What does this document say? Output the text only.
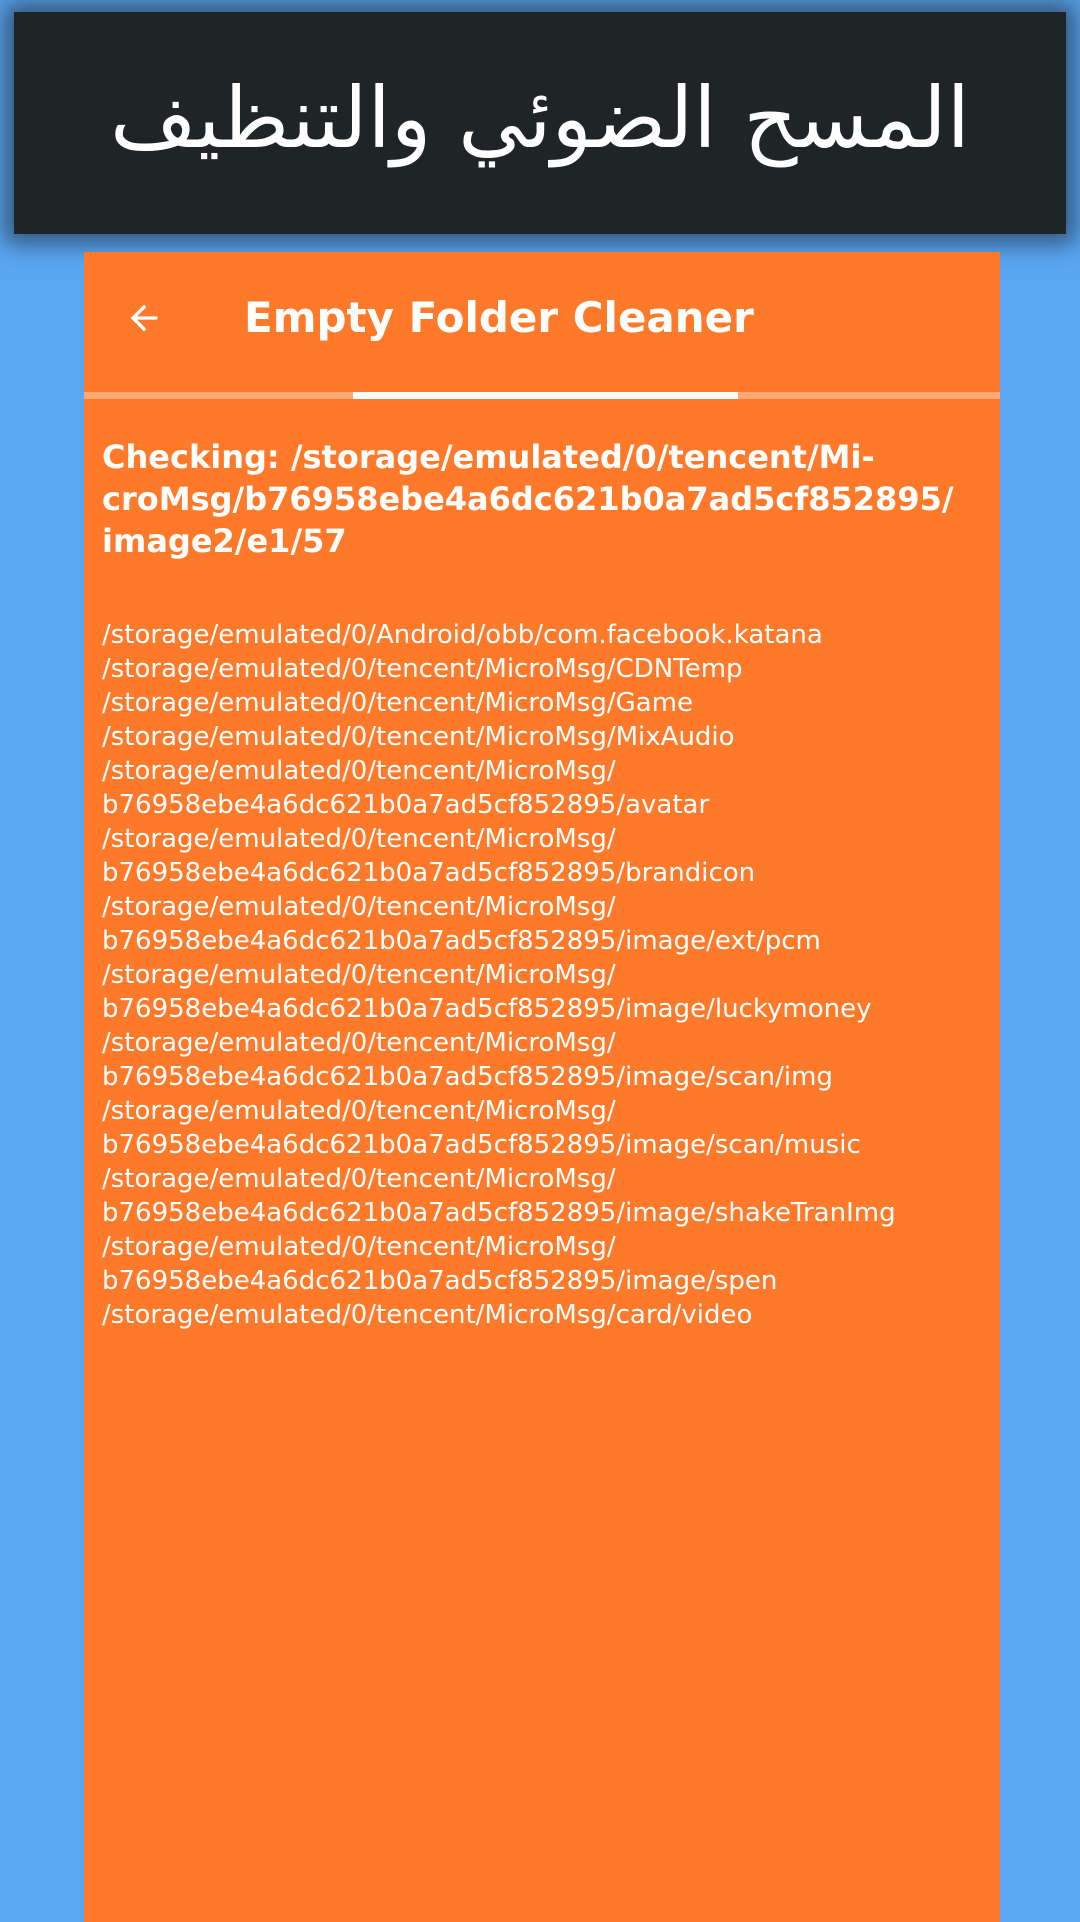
المسح الضوئي والتنظيف
Empty Folder Cleaner

Checking: /storage/emulated/0/tencent/Mi-
croMsg/b76958ebe4a6dc621b0a7ad5cf852895/
image2/e1/57

/storage/emulated/0/Android/obb/com.facebook.katana
/storage/emulated/0/tencent/MicroMsg/CDNTemp
/storage/emulated/0/tencent/MicroMsg/Game
/storage/emulated/0/tencent/MicroMsg/MixAudio
/storage/emulated/0/tencent/MicroMsg/
b76958ebe4a6dc621b0a7ad5cf852895/avatar
/storage/emulated/0/tencent/MicroMsg/
b76958ebe4a6dc621b0a7ad5cf852895/brandicon
/storage/emulated/0/tencent/MicroMsg/
b76958ebe4a6dc621b0a7ad5cf852895/image/ext/pcm
/storage/emulated/0/tencent/MicroMsg/
b76958ebe4a6dc621b0a7ad5cf852895/image/luckymoney
/storage/emulated/0/tencent/MicroMsg/
b76958ebe4a6dc621b0a7ad5cf852895/image/scan/img
/storage/emulated/0/tencent/MicroMsg/
b76958ebe4a6dc621b0a7ad5cf852895/image/scan/music
/storage/emulated/0/tencent/MicroMsg/
b76958ebe4a6dc621b0a7ad5cf852895/image/shakeTranImg
/storage/emulated/0/tencent/MicroMsg/
b76958ebe4a6dc621b0a7ad5cf852895/image/spen
/storage/emulated/0/tencent/MicroMsg/card/video
